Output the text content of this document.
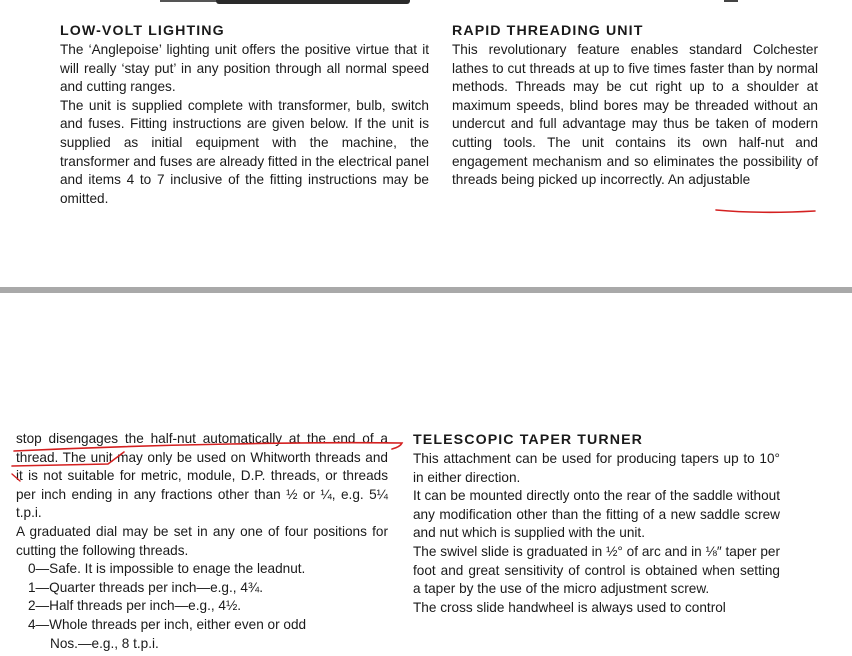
LOW-VOLT LIGHTING

The ‘Anglepoise’ lighting unit offers the positive virtue that it will really ‘stay put’ in any position through all normal speed and cutting ranges.

The unit is supplied complete with transformer, bulb, switch and fuses. Fitting instructions are given below. If the unit is supplied as initial equipment with the machine, the transformer and fuses are already fitted in the electrical panel and items 4 to 7 inclusive of the fitting instructions may be omitted.

RAPID THREADING UNIT

This revolutionary feature enables standard Colchester lathes to cut threads at up to five times faster than by normal methods. Threads may be cut right up to a shoulder at maximum speeds, blind bores may be threaded without an undercut and full advantage may thus be taken of modern cutting tools. The unit contains its own half-nut and engagement mechanism and so eliminates the possibility of threads being picked up incorrectly. An adjustable

stop disengages the half-nut automatically at the end of a thread. The unit may only be used on Whitworth threads and it is not suitable for metric, module, D.P. threads, or threads per inch ending in any fractions other than ½ or ¼, e.g. 5¼ t.p.i.

A graduated dial may be set in any one of four positions for cutting the following threads.

0—Safe. It is impossible to enage the leadnut.
1—Quarter threads per inch—e.g., 4¾.
2—Half threads per inch—e.g., 4½.
4—Whole threads per inch, either even or odd
Nos.—e.g., 8 t.p.i.
TELESCOPIC TAPER TURNER

This attachment can be used for producing tapers up to 10° in either direction.

It can be mounted directly onto the rear of the saddle without any modification other than the fitting of a new saddle screw and nut which is supplied with the unit.

The swivel slide is graduated in ½° of arc and in ⅛″ taper per foot and great sensitivity of control is obtained when setting a taper by the use of the micro adjustment screw.

The cross slide handwheel is always used to control
